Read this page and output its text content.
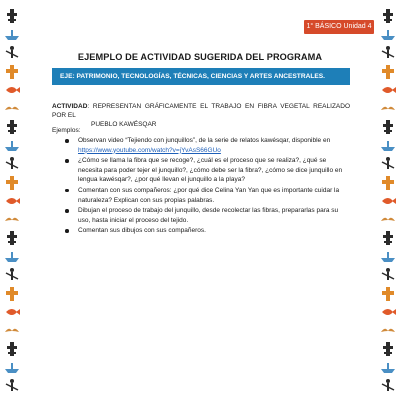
1° BÁSICO Unidad 4
EJEMPLO DE ACTIVIDAD SUGERIDA DEL PROGRAMA
EJE: PATRIMONIO, TECNOLOGÍAS, TÉCNICAS, CIENCIAS Y ARTES ANCESTRALES.
ACTIVIDAD: REPRESENTAN GRÁFICAMENTE EL TRABAJO EN FIBRA VEGETAL REALIZADO POR EL
PUEBLO KAWÉSQAR
Ejemplos:
Observan video “Tejiendo con junquillos”, de la serie de relatos kawésqar, disponible en https://www.youtube.com/watch?v=jYvAsS66GUo
¿Cómo se llama la fibra que se recoge?, ¿cuál es el proceso que se realiza?, ¿qué se necesita para poder tejer el junquillo?, ¿cómo debe ser la fibra?, ¿cómo se dice junquillo en lengua kawésqar?, ¿por qué llevan el junquillo a la playa?
Comentan con sus compañeros: ¿por qué dice Celina Yan Yan que es importante cuidar la naturaleza? Explican con sus propias palabras.
Dibujan el proceso de trabajo del junquillo, desde recolectar las fibras, prepararlas para su uso, hasta iniciar el proceso del tejido.
Comentan sus dibujos con sus compañeros.
